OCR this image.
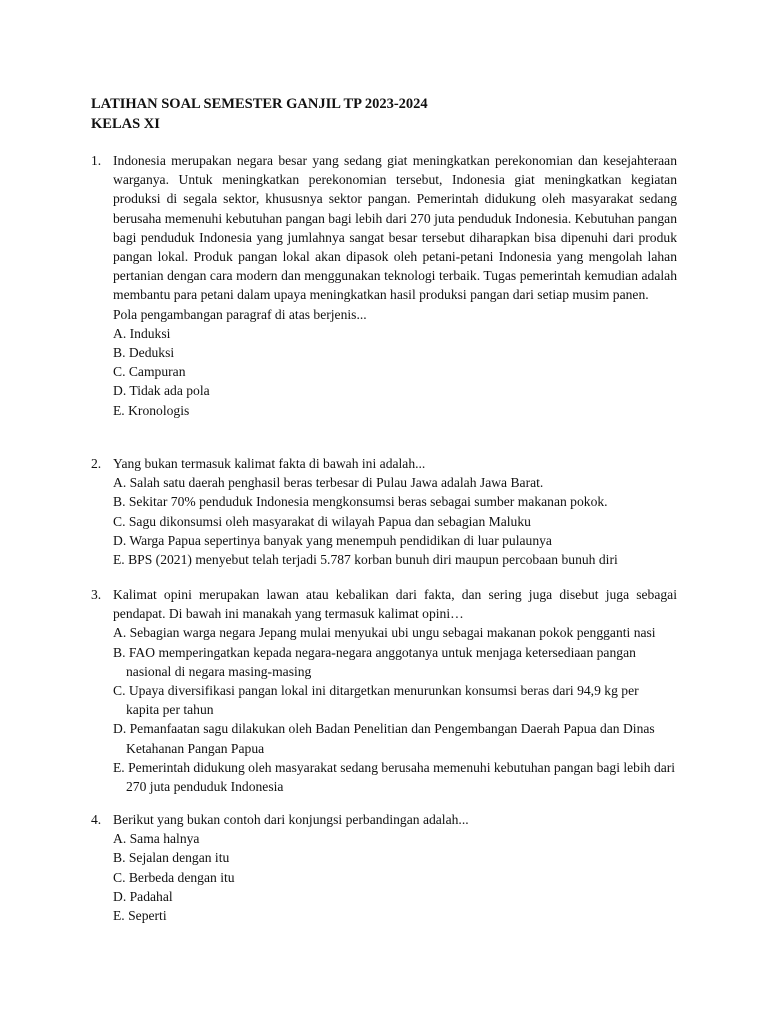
LATIHAN SOAL SEMESTER GANJIL TP 2023-2024
KELAS XI
1. Indonesia merupakan negara besar yang sedang giat meningkatkan perekonomian dan kesejahteraan warganya. Untuk meningkatkan perekonomian tersebut, Indonesia giat meningkatkan kegiatan produksi di segala sektor, khususnya sektor pangan. Pemerintah didukung oleh masyarakat sedang berusaha memenuhi kebutuhan pangan bagi lebih dari 270 juta penduduk Indonesia. Kebutuhan pangan bagi penduduk Indonesia yang jumlahnya sangat besar tersebut diharapkan bisa dipenuhi dari produk pangan lokal. Produk pangan lokal akan dipasok oleh petani-petani Indonesia yang mengolah lahan pertanian dengan cara modern dan menggunakan teknologi terbaik. Tugas pemerintah kemudian adalah membantu para petani dalam upaya meningkatkan hasil produksi pangan dari setiap musim panen.
Pola pengambangan paragraf di atas berjenis...
A. Induksi
B. Deduksi
C. Campuran
D. Tidak ada pola
E. Kronologis
2. Yang bukan termasuk kalimat fakta di bawah ini adalah...
A. Salah satu daerah penghasil beras terbesar di Pulau Jawa adalah Jawa Barat.
B. Sekitar 70% penduduk Indonesia mengkonsumsi beras sebagai sumber makanan pokok.
C. Sagu dikonsumsi oleh masyarakat di wilayah Papua dan sebagian Maluku
D. Warga Papua sepertinya banyak yang menempuh pendidikan di luar pulaunya
E. BPS (2021) menyebut telah terjadi 5.787 korban bunuh diri maupun percobaan bunuh diri
3. Kalimat opini merupakan lawan atau kebalikan dari fakta, dan sering juga disebut juga sebagai pendapat. Di bawah ini manakah yang termasuk kalimat opini…
A. Sebagian warga negara Jepang mulai menyukai ubi ungu sebagai makanan pokok pengganti nasi
B. FAO memperingatkan kepada negara-negara anggotanya untuk menjaga ketersediaan pangan nasional di negara masing-masing
C. Upaya diversifikasi pangan lokal ini ditargetkan menurunkan konsumsi beras dari 94,9 kg per kapita per tahun
D. Pemanfaatan sagu dilakukan oleh Badan Penelitian dan Pengembangan Daerah Papua dan Dinas Ketahanan Pangan Papua
E. Pemerintah didukung oleh masyarakat sedang berusaha memenuhi kebutuhan pangan bagi lebih dari 270 juta penduduk Indonesia
4. Berikut yang bukan contoh dari konjungsi perbandingan adalah...
A. Sama halnya
B. Sejalan dengan itu
C. Berbeda dengan itu
D. Padahal
E. Seperti
